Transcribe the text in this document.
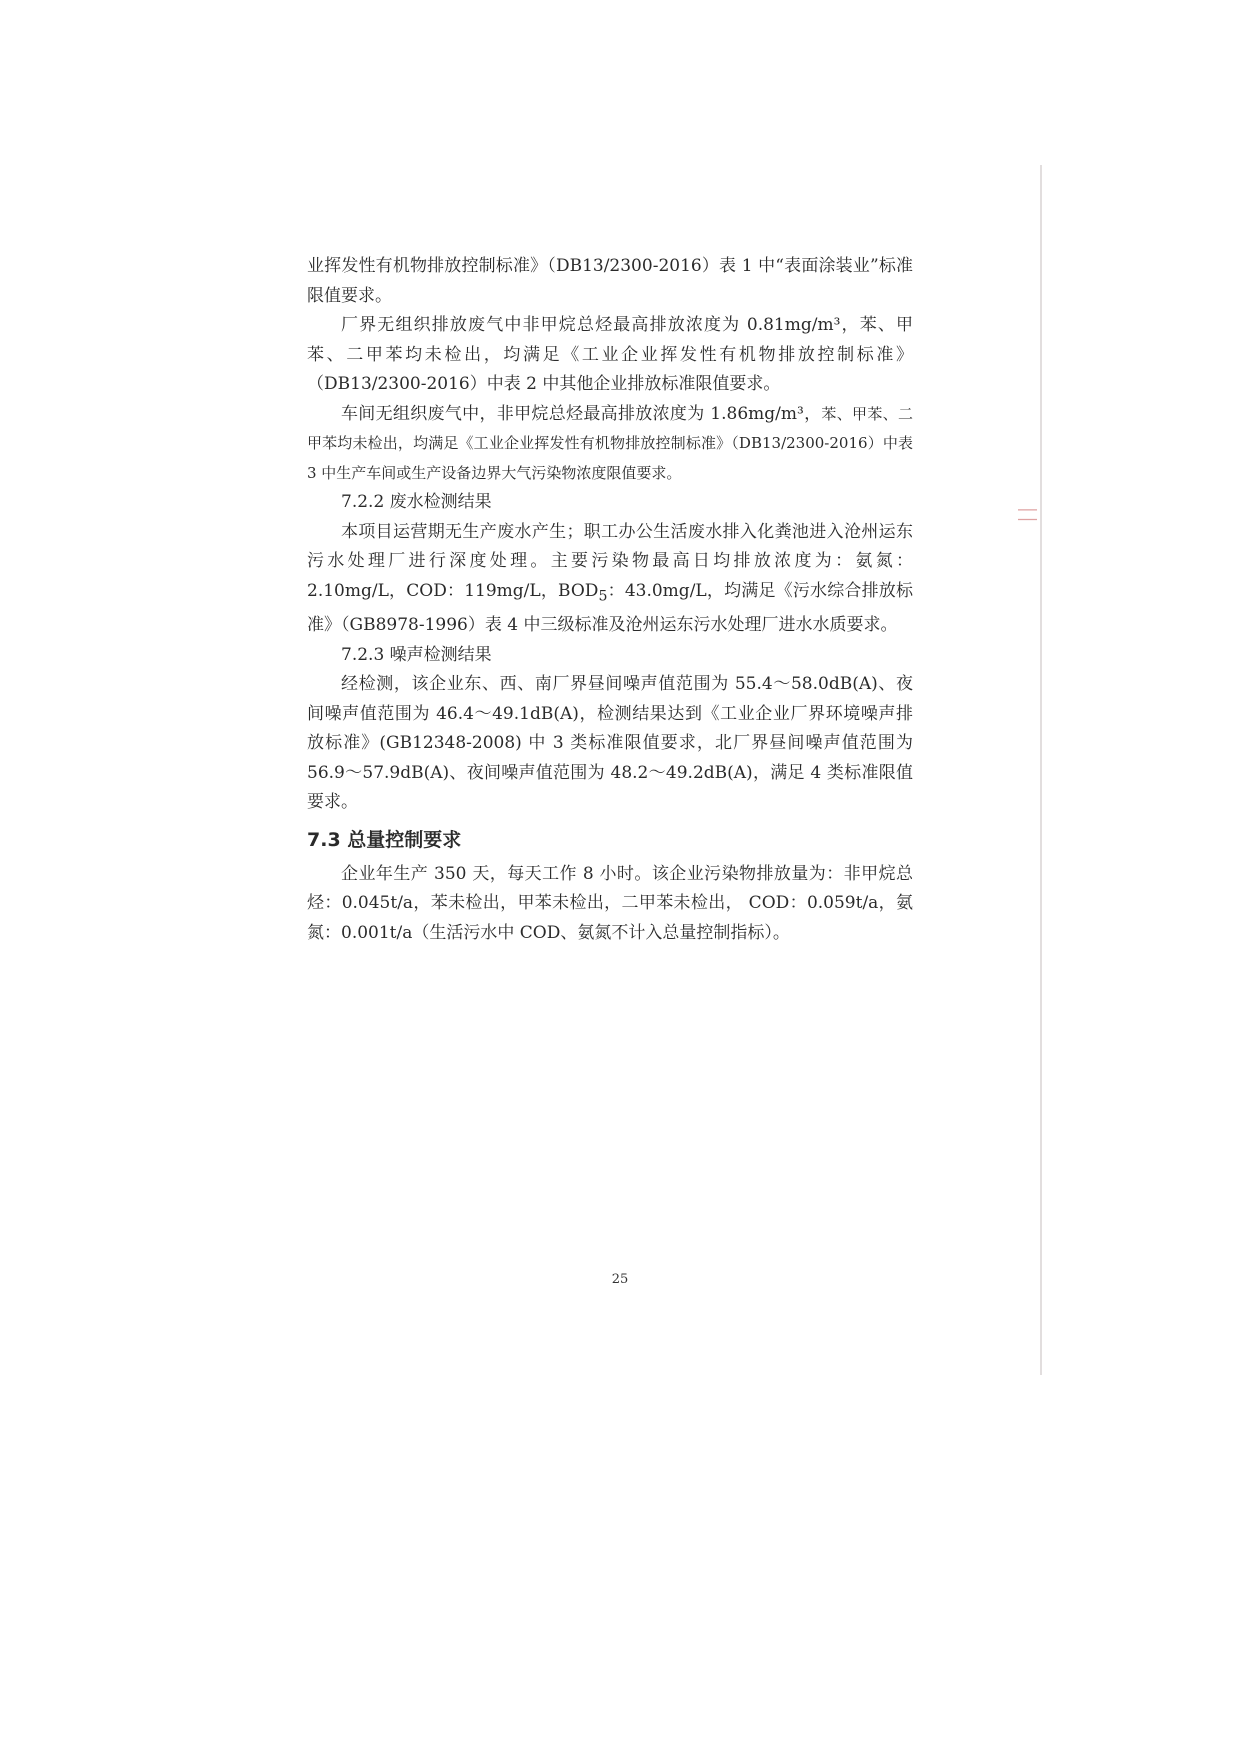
││

业挥发性有机物排放控制标准》（DB13/2300-2016）表 1 中“表面涂装业”标准限值要求。

厂界无组织排放废气中非甲烷总烃最高排放浓度为 0.81mg/m³，苯、甲苯、二甲苯均未检出，均满足《工业企业挥发性有机物排放控制标准》（DB13/2300-2016）中表 2 中其他企业排放标准限值要求。

车间无组织废气中，非甲烷总烃最高排放浓度为 1.86mg/m³，苯、甲苯、二甲苯均未检出，均满足《工业企业挥发性有机物排放控制标准》（DB13/2300-2016）中表 3 中生产车间或生产设备边界大气污染物浓度限值要求。

7.2.2 废水检测结果

本项目运营期无生产废水产生；职工办公生活废水排入化粪池进入沧州运东污水处理厂进行深度处理。主要污染物最高日均排放浓度为：氨氮：2.10mg/L，COD：119mg/L，$BOD_5$：43.0mg/L，均满足《污水综合排放标准》（GB8978-1996）表 4 中三级标准及沧州运东污水处理厂进水水质要求。

7.2.3 噪声检测结果

经检测，该企业东、西、南厂界昼间噪声值范围为 55.4～58.0dB(A)、夜间噪声值范围为 46.4～49.1dB(A)，检测结果达到《工业企业厂界环境噪声排放标准》(GB12348-2008) 中 3 类标准限值要求，北厂界昼间噪声值范围为 56.9～57.9dB(A)、夜间噪声值范围为 48.2～49.2dB(A)，满足 4 类标准限值要求。

7.3 总量控制要求

企业年生产 350 天，每天工作 8 小时。该企业污染物排放量为：非甲烷总烃：0.045t/a，苯未检出，甲苯未检出，二甲苯未检出， COD：0.059t/a，氨氮：0.001t/a（生活污水中 COD、氨氮不计入总量控制指标）。

25
